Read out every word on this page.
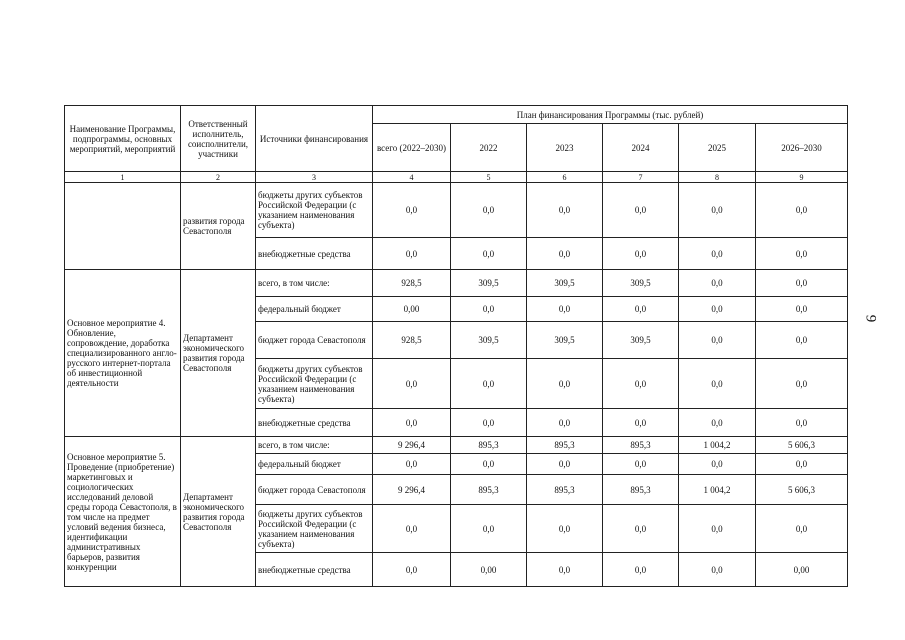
9
Наименование Программы, подпрограммы, основных мероприятий, мероприятий	Ответственный исполнитель, соисполнители, участники	Источники финансирования	План финансирования Программы (тыс. рублей)					
			всего (2022–2030)	2022	2023	2024	2025	2026–2030
1	2	3	4	5	6	7	8	9
	развития города Севастополя	бюджеты других субъектов Российской Федерации (с указанием наименования субъекта)	0,0	0,0	0,0	0,0	0,0	0,0
		внебюджетные средства	0,0	0,0	0,0	0,0	0,0	0,0
Основное мероприятие 4. Обновление, сопровождение, доработка специализированного англо-русского интернет-портала об инвестиционной деятельности	Департамент экономического развития города Севастополя	всего, в том числе:	928,5	309,5	309,5	309,5	0,0	0,0
		федеральный бюджет	0,00	0,0	0,0	0,0	0,0	0,0
		бюджет города Севастополя	928,5	309,5	309,5	309,5	0,0	0,0
		бюджеты других субъектов Российской Федерации (с указанием наименования субъекта)	0,0	0,0	0,0	0,0	0,0	0,0
		внебюджетные средства	0,0	0,0	0,0	0,0	0,0	0,0
Основное мероприятие 5. Проведение (приобретение) маркетинговых и социологических исследований деловой среды города Севастополя, в том числе на предмет условий ведения бизнеса, идентификации административных барьеров, развития конкуренции	Департамент экономического развития города Севастополя	всего, в том числе:	9 296,4	895,3	895,3	895,3	1 004,2	5 606,3
		федеральный бюджет	0,0	0,0	0,0	0,0	0,0	0,0
		бюджет города Севастополя	9 296,4	895,3	895,3	895,3	1 004,2	5 606,3
		бюджеты других субъектов Российской Федерации (с указанием наименования субъекта)	0,0	0,0	0,0	0,0	0,0	0,0
		внебюджетные средства	0,0	0,00	0,0	0,0	0,0	0,00
